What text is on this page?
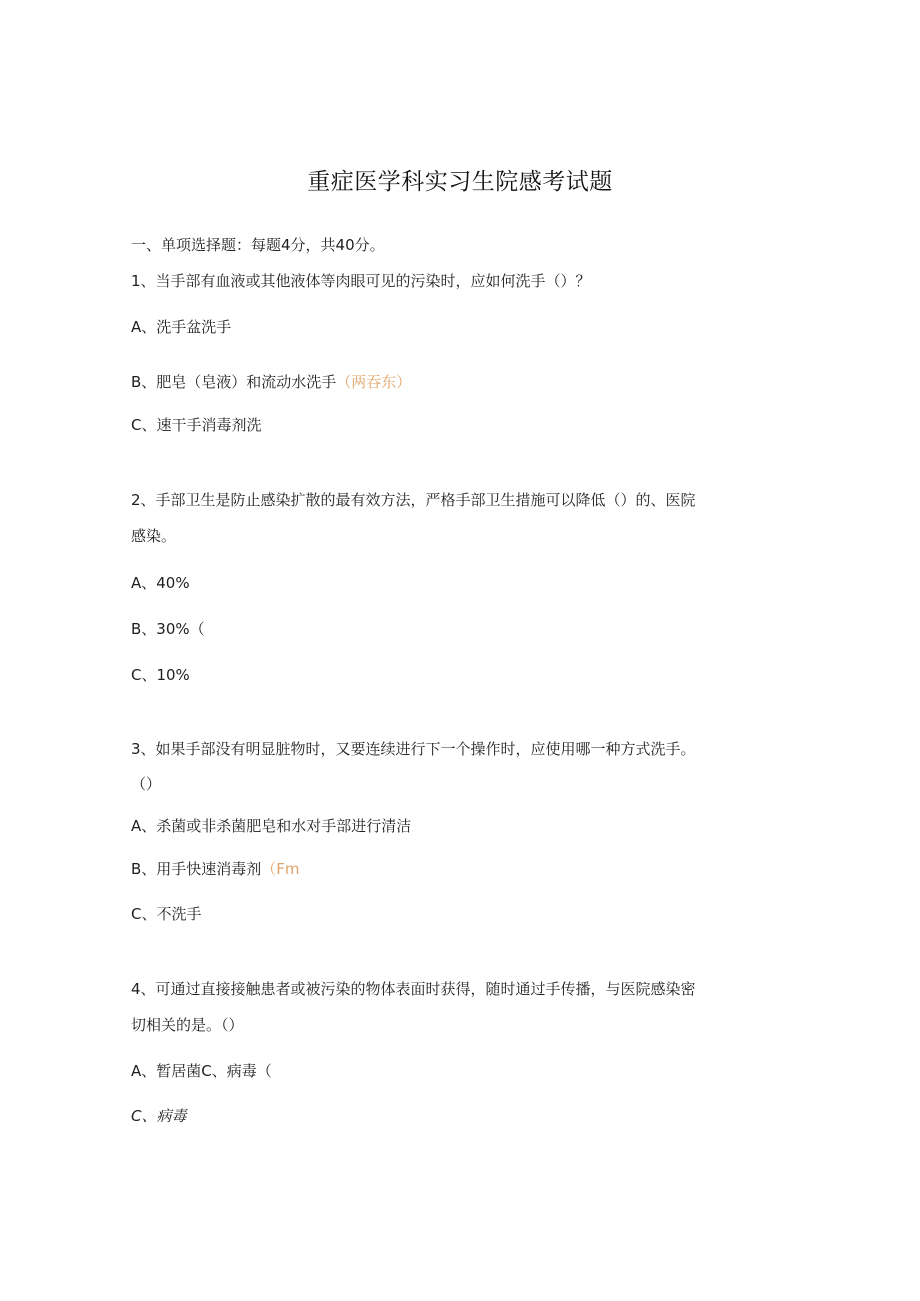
重症医学科实习生院感考试题
一、单项选择题：每题4分，共40分。
1、当手部有血液或其他液体等肉眼可见的污染时，应如何洗手（）？
A、洗手盆洗手
B、肥皂（皂液）和流动水洗手（两吞东）
C、速干手消毒剂洗
2、手部卫生是防止感染扩散的最有效方法，严格手部卫生措施可以降低（）的、医院
感染。
A、40%
B、30%（
C、10%
3、如果手部没有明显脏物时，又要连续进行下一个操作时，应使用哪一种方式洗手。
（）
A、杀菌或非杀菌肥皂和水对手部进行清洁
B、用手快速消毒剂（Fm
C、不洗手
4、可通过直接接触患者或被污染的物体表面时获得，随时通过手传播，与医院感染密
切相关的是。（）
A、暂居菌C、病毒（
C、病毒
